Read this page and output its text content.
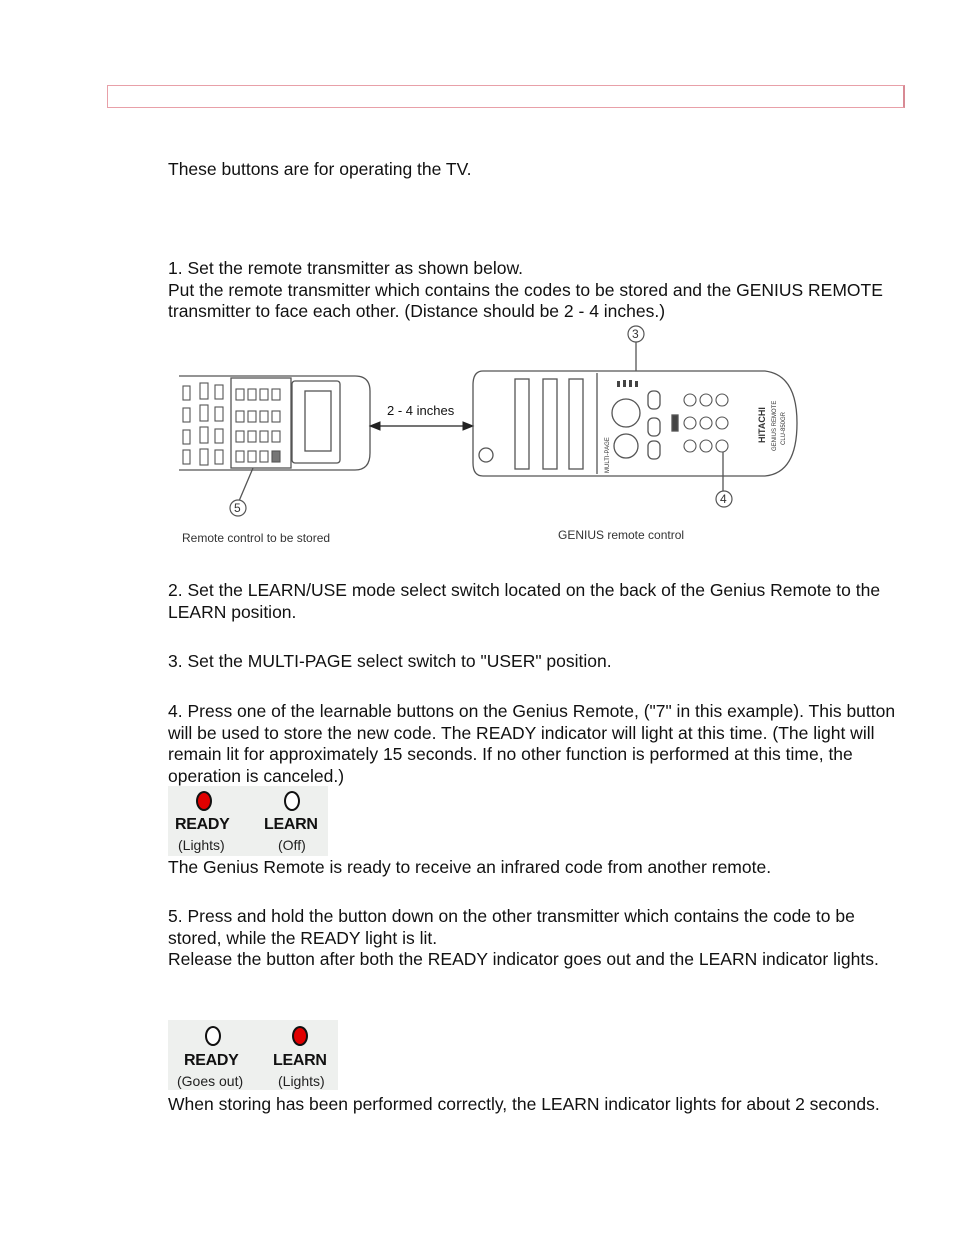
These buttons are for operating the TV.

1. Set the remote transmitter as shown below.

Put the remote transmitter which contains the codes to be stored and the GENIUS REMOTE transmitter to face each other. (Distance should be 2 - 4 inches.)

2 - 4 inches	HITACHI GENIUS REMOTE CLU-850GR
MULTI-PAGE
3
4
5
Remote control to be stored	GENIUS remote control

2. Set the LEARN/USE mode select switch located on the back of the Genius Remote to the LEARN position.

3. Set the MULTI-PAGE select switch to "USER" position.

4. Press one of the learnable buttons on the Genius Remote, ("7" in this example). This button will be used to store the new code. The READY indicator will light at this time. (The light will remain lit for approximately 15 seconds. If no other function is performed at this time, the operation is canceled.)

READY LEARN
(Lights)	(Off)

The Genius Remote is ready to receive an infrared code from another remote.

5. Press and hold the button down on the other transmitter which contains the code to be stored, while the READY light is lit.

Release the button after both the READY indicator goes out and the LEARN indicator lights.

READY LEARN
(Goes out) (Lights)

When storing has been performed correctly, the LEARN indicator lights for about 2 seconds.
